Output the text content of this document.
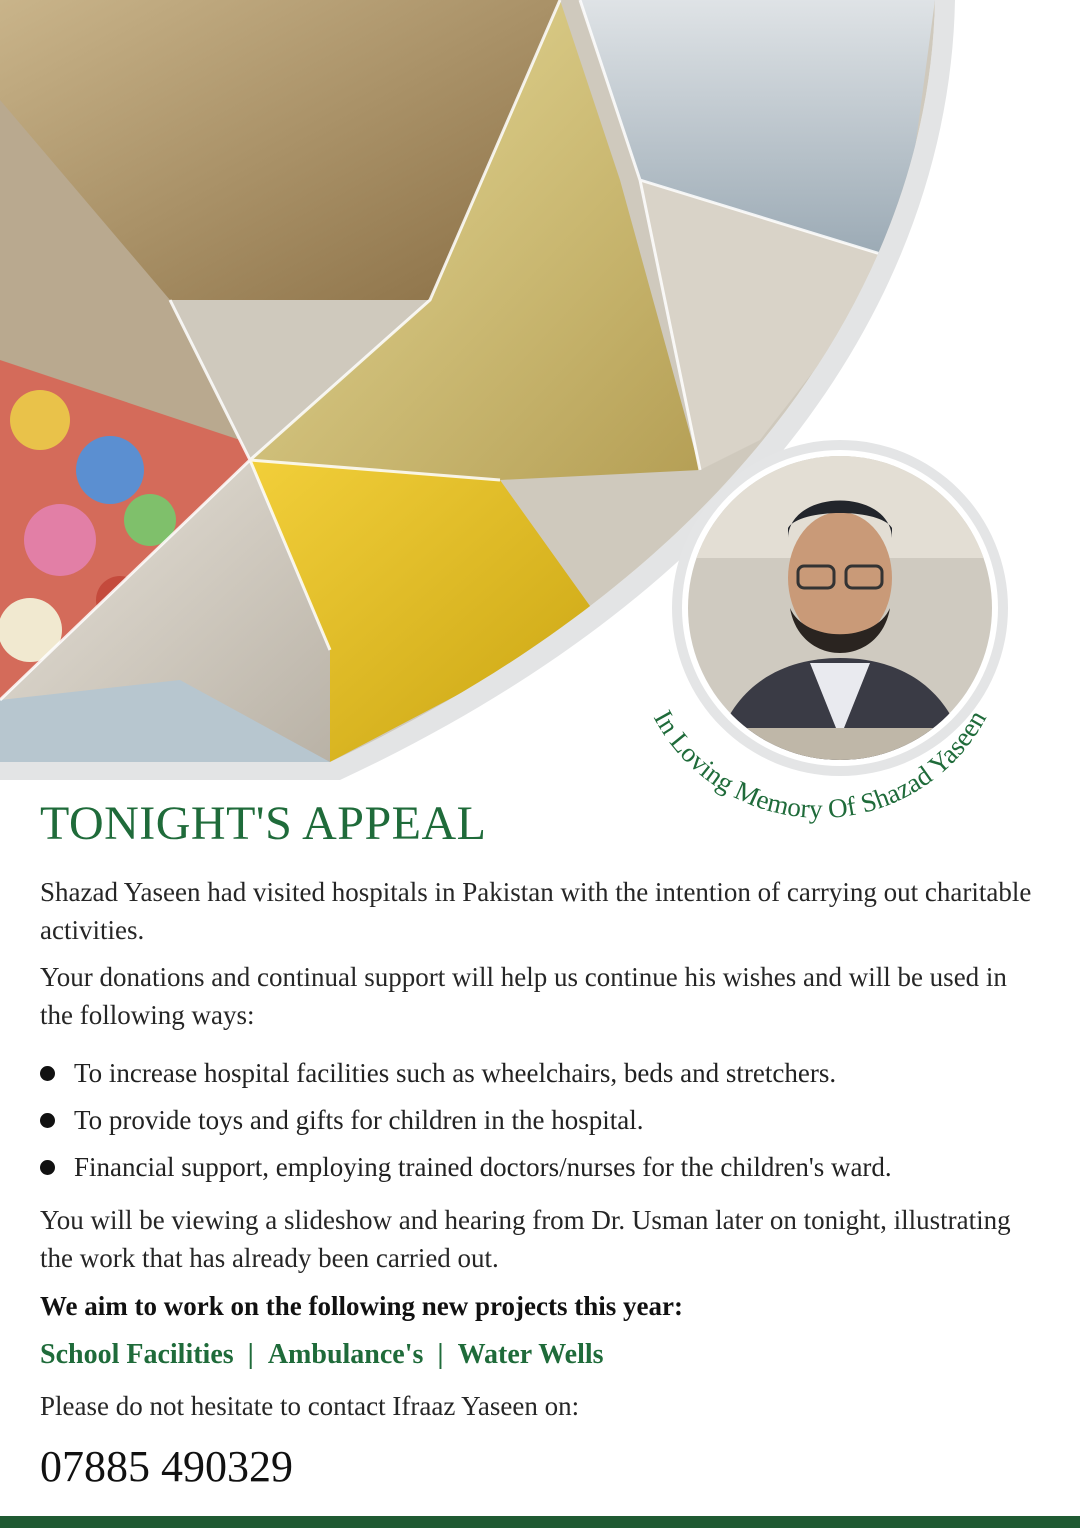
In Loving Memory Of Shazad Yaseen
TONIGHT'S APPEAL

Shazad Yaseen had visited hospitals in Pakistan with the intention of carrying out charitable activities.

Your donations and continual support will help us continue his wishes and will be used in the following ways:

To increase hospital facilities such as wheelchairs, beds and stretchers.
To provide toys and gifts for children in the hospital.
Financial support, employing trained doctors/nurses for the children's ward.

You will be viewing a slideshow and hearing from Dr. Usman later on tonight, illustrating the work that has already been carried out.

We aim to work on the following new projects this year:

School Facilities | Ambulance's | Water Wells

Please do not hesitate to contact Ifraaz Yaseen on:

07885 490329
